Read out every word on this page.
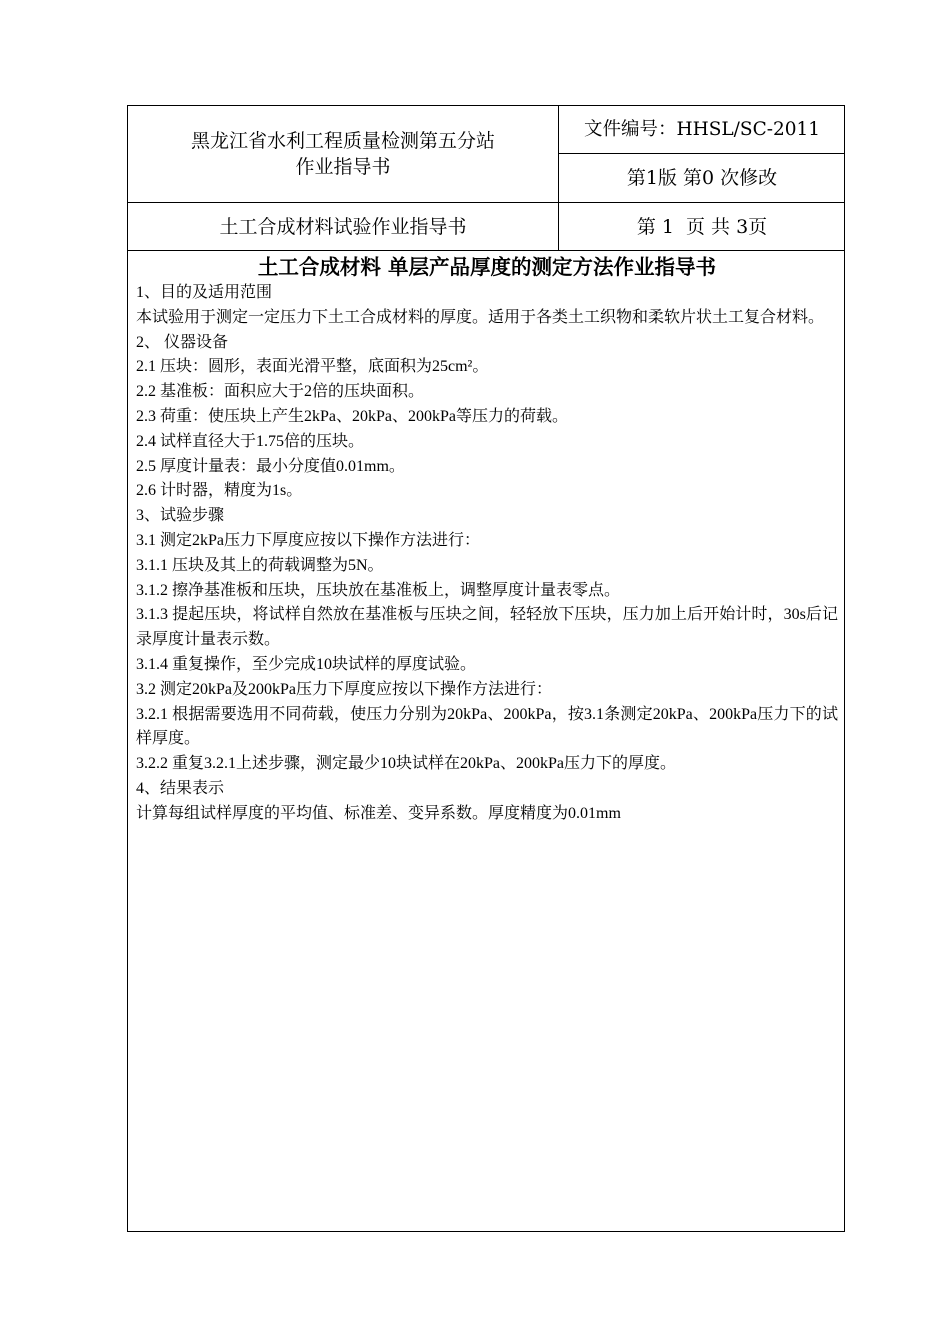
黑龙江省水利工程质量检测第五分站
作业指导书
文件编号：HHSL/SC-2011
第1版 第0 次修改
土工合成材料试验作业指导书	第 1  页 共 3页
土工合成材料 单层产品厚度的测定方法作业指导书

1、目的及适用范围

本试验用于测定一定压力下土工合成材料的厚度。适用于各类土工织物和柔软片状土工复合材料。

2、 仪器设备

2.1 压块：圆形，表面光滑平整，底面积为25cm²。

2.2 基准板：面积应大于2倍的压块面积。

2.3 荷重：使压块上产生2kPa、20kPa、200kPa等压力的荷载。

2.4 试样直径大于1.75倍的压块。

2.5 厚度计量表：最小分度值0.01mm。

2.6 计时器，精度为1s。

3、试验步骤

3.1 测定2kPa压力下厚度应按以下操作方法进行：

3.1.1 压块及其上的荷载调整为5N。

3.1.2 擦净基准板和压块，压块放在基准板上，调整厚度计量表零点。

3.1.3 提起压块，将试样自然放在基准板与压块之间，轻轻放下压块，压力加上后开始计时，30s后记录厚度计量表示数。

3.1.4 重复操作，至少完成10块试样的厚度试验。

3.2 测定20kPa及200kPa压力下厚度应按以下操作方法进行：

3.2.1 根据需要选用不同荷载，使压力分别为20kPa、200kPa，按3.1条测定20kPa、200kPa压力下的试样厚度。

3.2.2 重复3.2.1上述步骤，测定最少10块试样在20kPa、200kPa压力下的厚度。

4、结果表示

计算每组试样厚度的平均值、标准差、变异系数。厚度精度为0.01mm
